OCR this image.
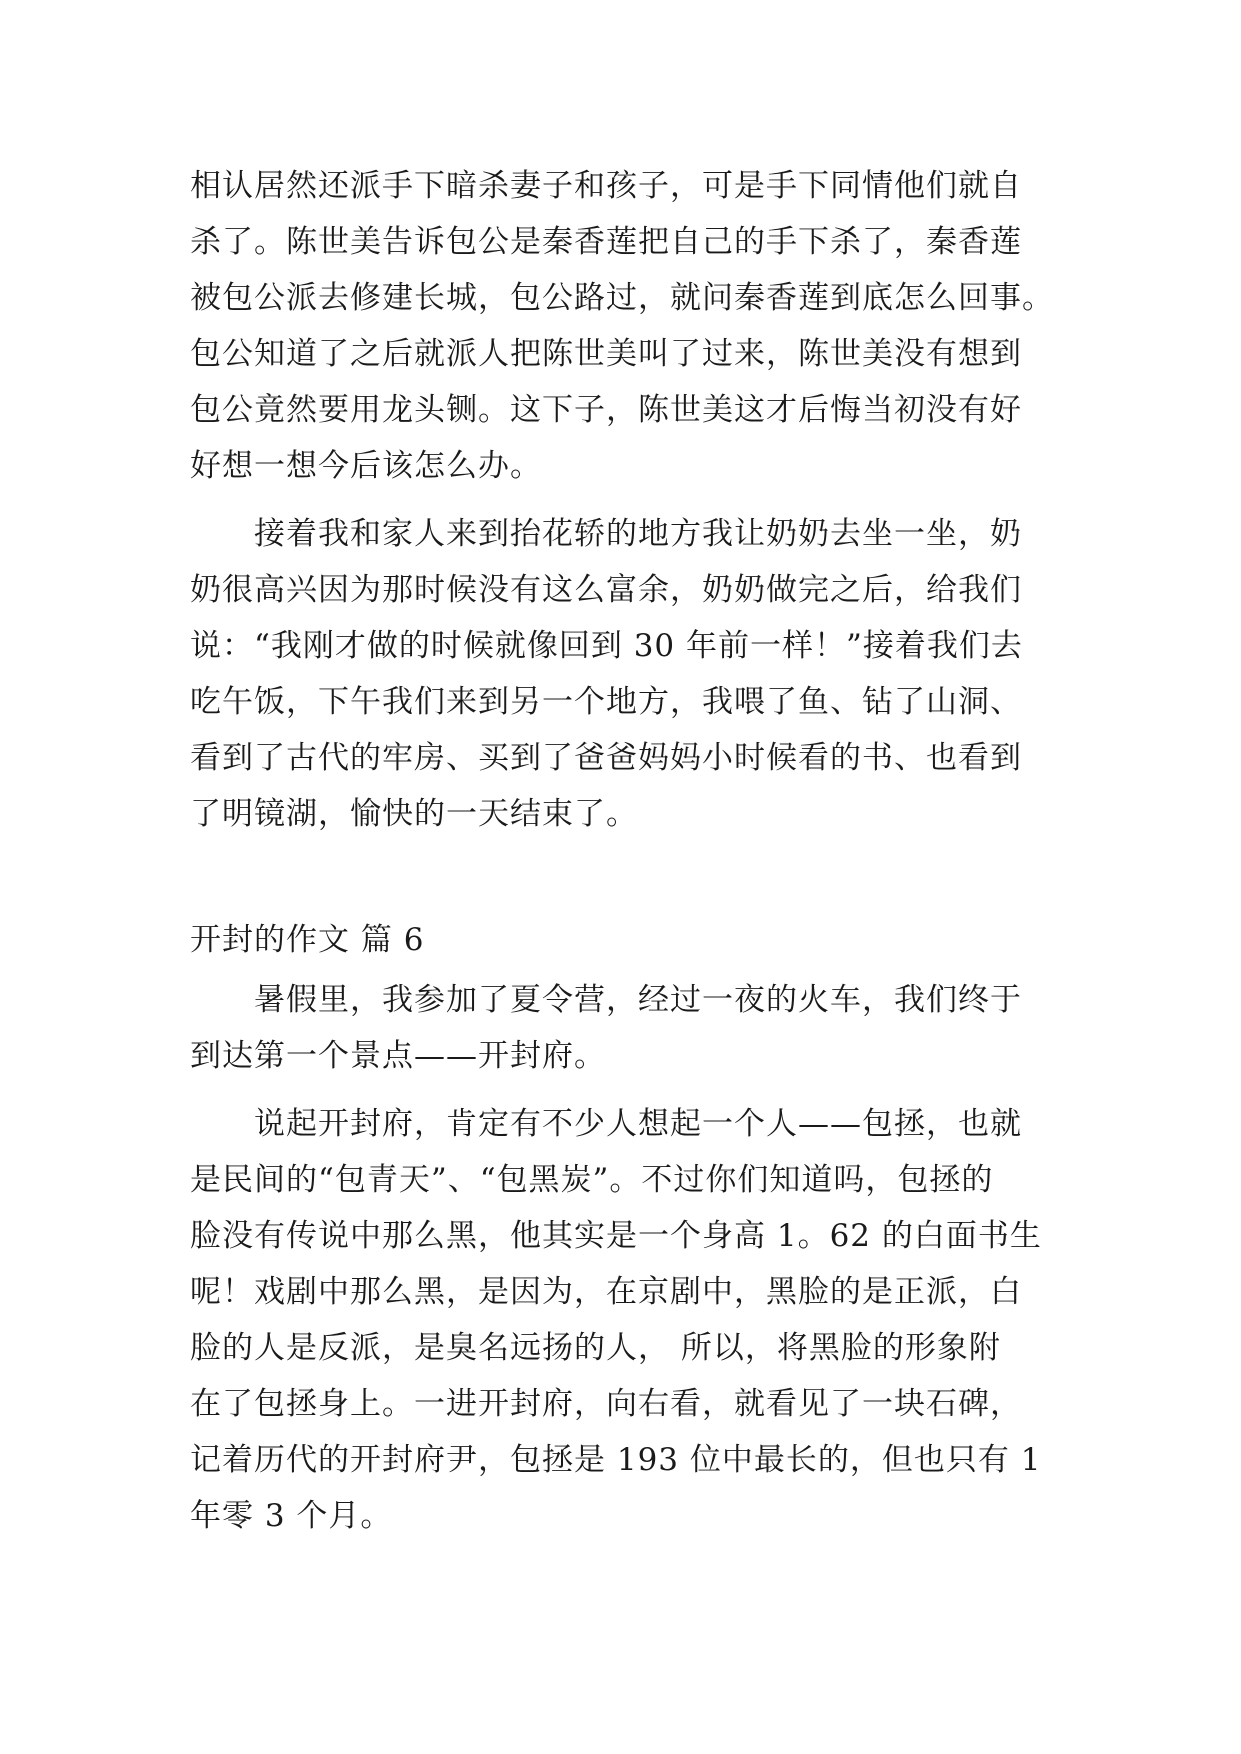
相认居然还派手下暗杀妻子和孩子，可是手下同情他们就自
杀了。陈世美告诉包公是秦香莲把自己的手下杀了，秦香莲
被包公派去修建长城，包公路过，就问秦香莲到底怎么回事。
包公知道了之后就派人把陈世美叫了过来，陈世美没有想到
包公竟然要用龙头铡。这下子，陈世美这才后悔当初没有好
好想一想今后该怎么办。
　　接着我和家人来到抬花轿的地方我让奶奶去坐一坐，奶
奶很高兴因为那时候没有这么富余，奶奶做完之后，给我们
说：“我刚才做的时候就像回到 30 年前一样！”接着我们去
吃午饭，下午我们来到另一个地方，我喂了鱼、钻了山洞、
看到了古代的牢房、买到了爸爸妈妈小时候看的书、也看到
了明镜湖，愉快的一天结束了。
开封的作文 篇 6
　　暑假里，我参加了夏令营，经过一夜的火车，我们终于
到达第一个景点——开封府。
　　说起开封府，肯定有不少人想起一个人——包拯，也就
是民间的“包青天”、“包黑炭”。不过你们知道吗，包拯的
脸没有传说中那么黑，他其实是一个身高 1。62 的白面书生
呢！戏剧中那么黑，是因为，在京剧中，黑脸的是正派，白
脸的人是反派，是臭名远扬的人， 所以，将黑脸的形象附
在了包拯身上。一进开封府，向右看，就看见了一块石碑，
记着历代的开封府尹，包拯是 193 位中最长的，但也只有 1
年零 3 个月。
